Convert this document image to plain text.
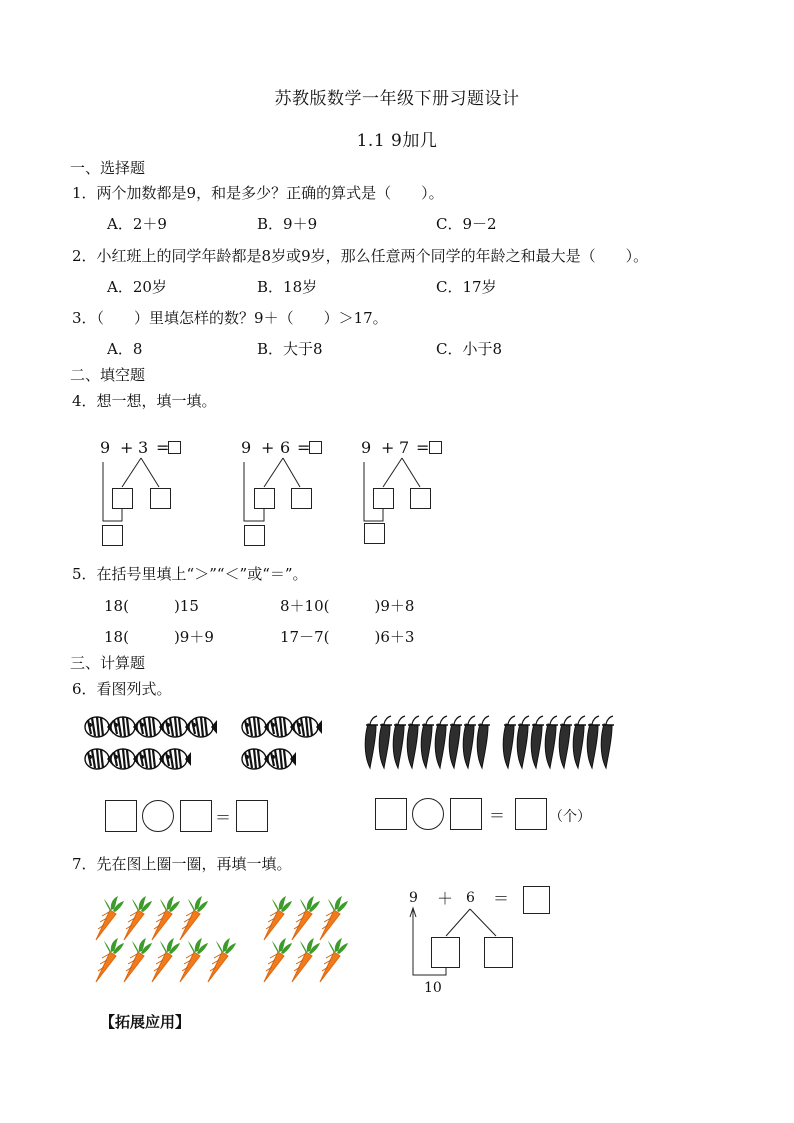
苏教版数学一年级下册习题设计
1.1 9加几
一、选择题
1．两个加数都是9，和是多少？正确的算式是（　　）。
A．2＋9	B．9＋9	C．9－2
2．小红班上的同学年龄都是8岁或9岁，那么任意两个同学的年龄之和最大是（　　）。
A．20岁	B．18岁	C．17岁
3．（　　）里填怎样的数？9＋（　　）＞17。
A．8	B．大于8	C．小于8
二、填空题
4．想一想，填一填。
9 + 3 =	9 + 6 =	9 + 7 =
5．在括号里填上“＞”“＜”或“＝”。
18(　　　)15	8＋10(　　　)9＋8
18(　　　)9＋9	17－7(　　　)6＋3
三、计算题
6．看图列式。
＝	＝	（个）
7．先在图上圈一圈，再填一填。
9 ＋ 6 ＝
10
【拓展应用】
